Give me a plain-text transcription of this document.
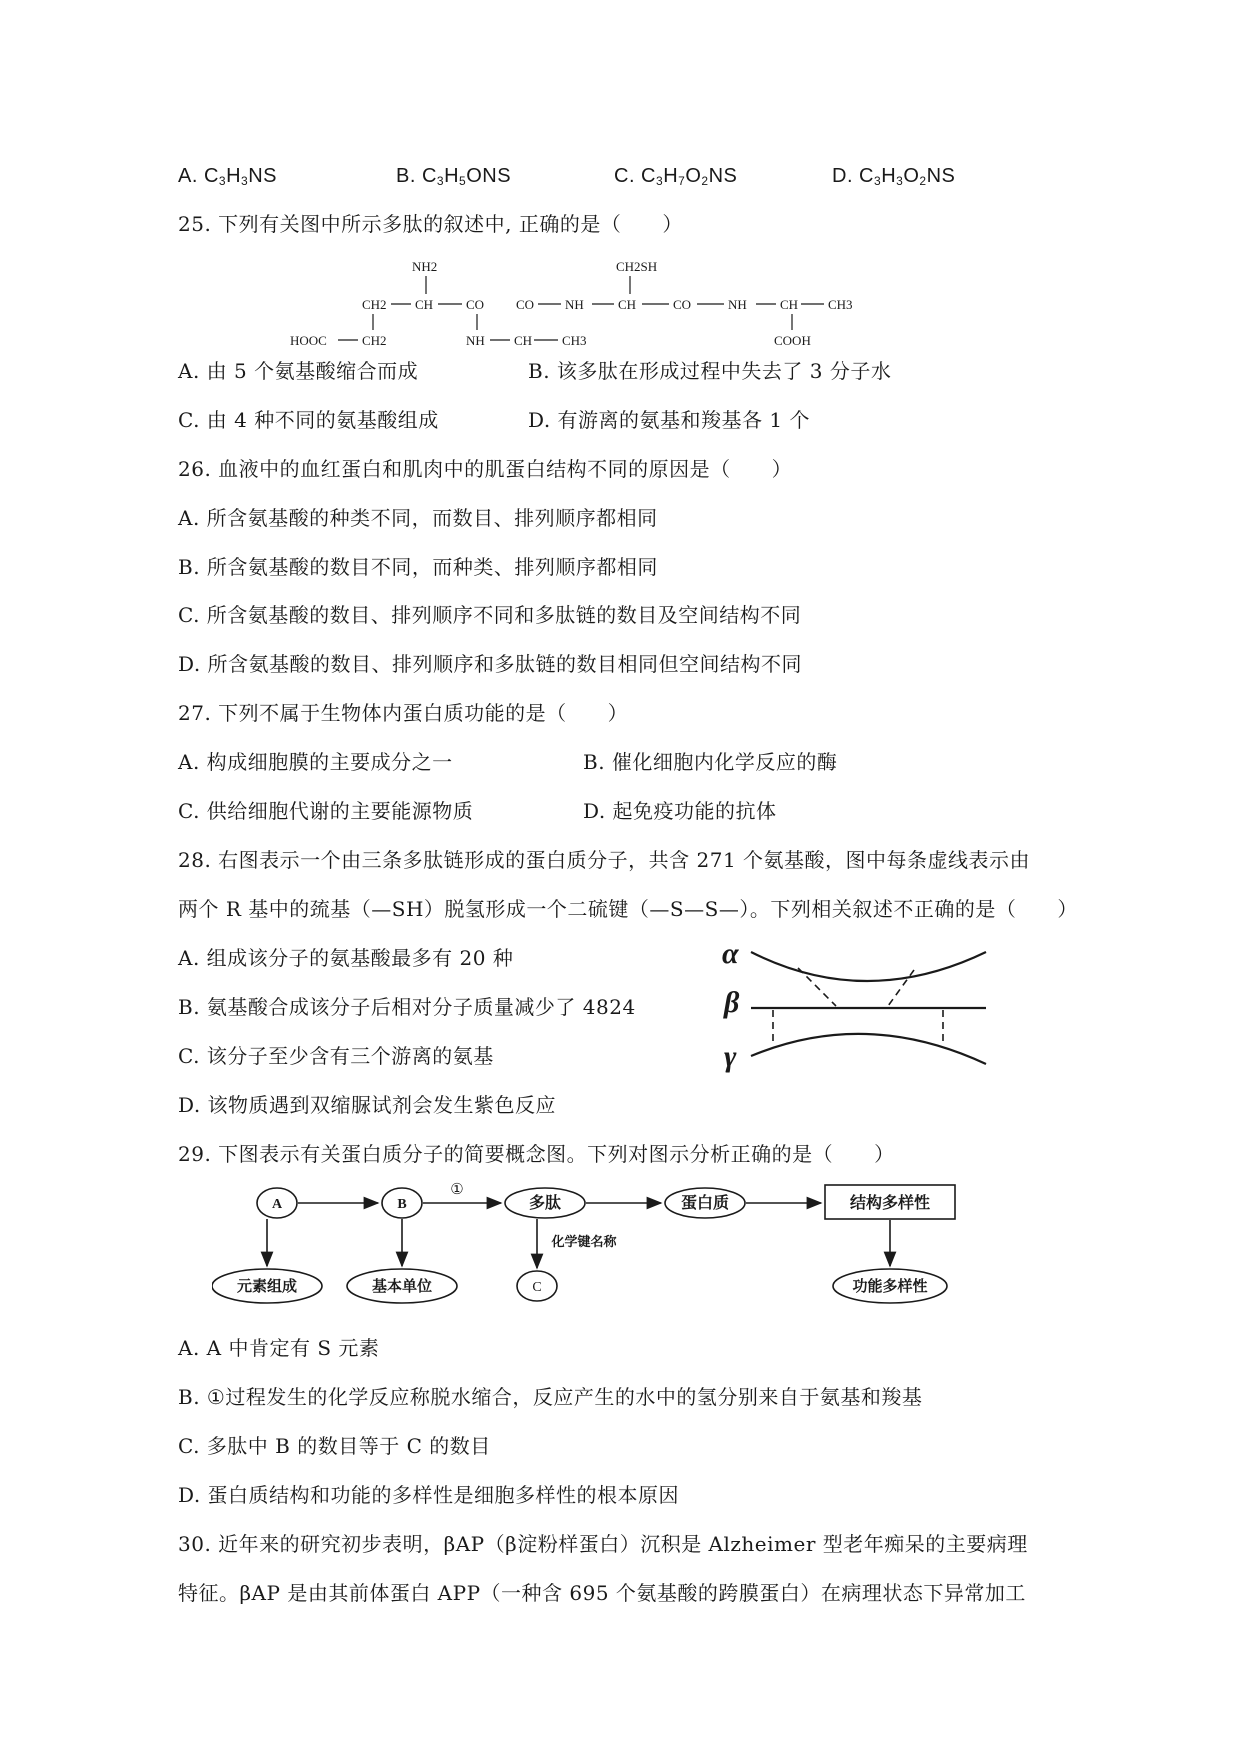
A. $C_3H_3NS$	B. $C_3H_5ONS$	C. $C_3H_7O_2NS$	D. $C_3H_3O_2NS$
25. 下列有关图中所示多肽的叙述中, 正确的是（　　）
NH2	CH2SH
CH2 CH	CO CO NH	CH	CO	NH	CH CH3
HOOC	CH2	NH CH CH3	COOH
A. 由 5 个氨基酸缩合而成	B. 该多肽在形成过程中失去了 3 分子水
C. 由 4 种不同的氨基酸组成	D. 有游离的氨基和羧基各 1 个
26. 血液中的血红蛋白和肌肉中的肌蛋白结构不同的原因是（　　）
A. 所含氨基酸的种类不同，而数目、排列顺序都相同
B. 所含氨基酸的数目不同，而种类、排列顺序都相同
C. 所含氨基酸的数目、排列顺序不同和多肽链的数目及空间结构不同
D. 所含氨基酸的数目、排列顺序和多肽链的数目相同但空间结构不同
27. 下列不属于生物体内蛋白质功能的是（　　）
A. 构成细胞膜的主要成分之一	B. 催化细胞内化学反应的酶
C. 供给细胞代谢的主要能源物质	D. 起免疫功能的抗体
28. 右图表示一个由三条多肽链形成的蛋白质分子，共含 271 个氨基酸，图中每条虚线表示由
两个 R 基中的巯基（—SH）脱氢形成一个二硫键（—S—S—）。下列相关叙述不正确的是（　　）
A. 组成该分子的氨基酸最多有 20 种
B. 氨基酸合成该分子后相对分子质量减少了 4824
C. 该分子至少含有三个游离的氨基
D. 该物质遇到双缩脲试剂会发生紫色反应
α
β
γ
29. 下图表示有关蛋白质分子的简要概念图。下列对图示分析正确的是（　　）
A	B
①
多肽	蛋白质	结构多样性
元素组成	基本单位
化学键名称
C	功能多样性
A. A 中肯定有 S 元素
B. ①过程发生的化学反应称脱水缩合，反应产生的水中的氢分别来自于氨基和羧基
C. 多肽中 B 的数目等于 C 的数目
D. 蛋白质结构和功能的多样性是细胞多样性的根本原因
30. 近年来的研究初步表明，βAP（β淀粉样蛋白）沉积是 Alzheimer 型老年痴呆的主要病理
特征。βAP 是由其前体蛋白 APP（一种含 695 个氨基酸的跨膜蛋白）在病理状态下异常加工
